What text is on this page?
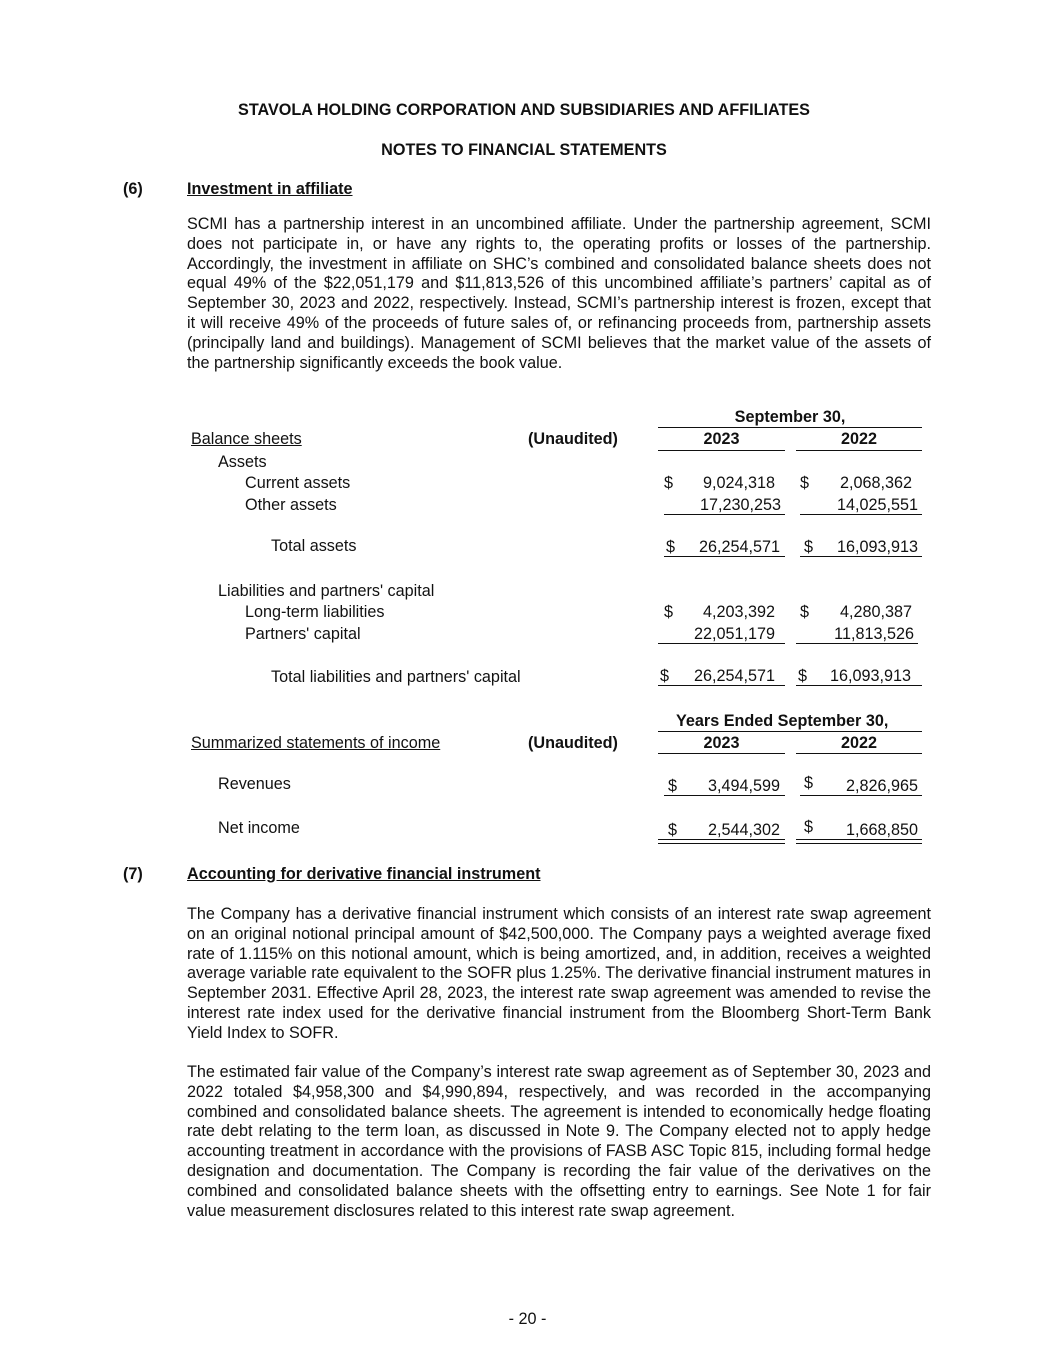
STAVOLA HOLDING CORPORATION AND SUBSIDIARIES AND AFFILIATES
NOTES TO FINANCIAL STATEMENTS
(6)	Investment in affiliate
SCMI has a partnership interest in an uncombined affiliate. Under the partnership agreement, SCMI does not participate in, or have any rights to, the operating profits or losses of the partnership. Accordingly, the investment in affiliate on SHC’s combined and consolidated balance sheets does not equal 49% of the $22,051,179 and $11,813,526 of this uncombined affiliate’s partners’ capital as of September 30, 2023 and 2022, respectively. Instead, SCMI’s partnership interest is frozen, except that it will receive 49% of the proceeds of future sales of, or refinancing proceeds from, partnership assets (principally land and buildings). Management of SCMI believes that the market value of the assets of the partnership significantly exceeds the book value.
September 30,
Balance sheets	(Unaudited)	2023	2022
Assets
Current assets	$	9,024,318 $	2,068,362
Other assets	17,230,253	14,025,551
Total assets	$	26,254,571 $	16,093,913
Liabilities and partners' capital
Long-term liabilities	$	4,203,392 $	4,280,387
Partners' capital	22,051,179	11,813,526
Total liabilities and partners' capital	$	26,254,571 $	16,093,913
Years Ended September 30,
Summarized statements of income	(Unaudited)	2023	2022
Revenues	$	3,494,599 $	2,826,965
Net income	$	2,544,302 $	1,668,850
(7)	Accounting for derivative financial instrument
The Company has a derivative financial instrument which consists of an interest rate swap agreement on an original notional principal amount of $42,500,000. The Company pays a weighted average fixed rate of 1.115% on this notional amount, which is being amortized, and, in addition, receives a weighted average variable rate equivalent to the SOFR plus 1.25%. The derivative financial instrument matures in September 2031. Effective April 28, 2023, the interest rate swap agreement was amended to revise the interest rate index used for the derivative financial instrument from the Bloomberg Short-Term Bank Yield Index to SOFR.
The estimated fair value of the Company’s interest rate swap agreement as of September 30, 2023 and 2022 totaled $4,958,300 and $4,990,894, respectively, and was recorded in the accompanying combined and consolidated balance sheets. The agreement is intended to economically hedge floating rate debt relating to the term loan, as discussed in Note 9. The Company elected not to apply hedge accounting treatment in accordance with the provisions of FASB ASC Topic 815, including formal hedge designation and documentation. The Company is recording the fair value of the derivatives on the combined and consolidated balance sheets with the offsetting entry to earnings. See Note 1 for fair value measurement disclosures related to this interest rate swap agreement.
- 20 -
